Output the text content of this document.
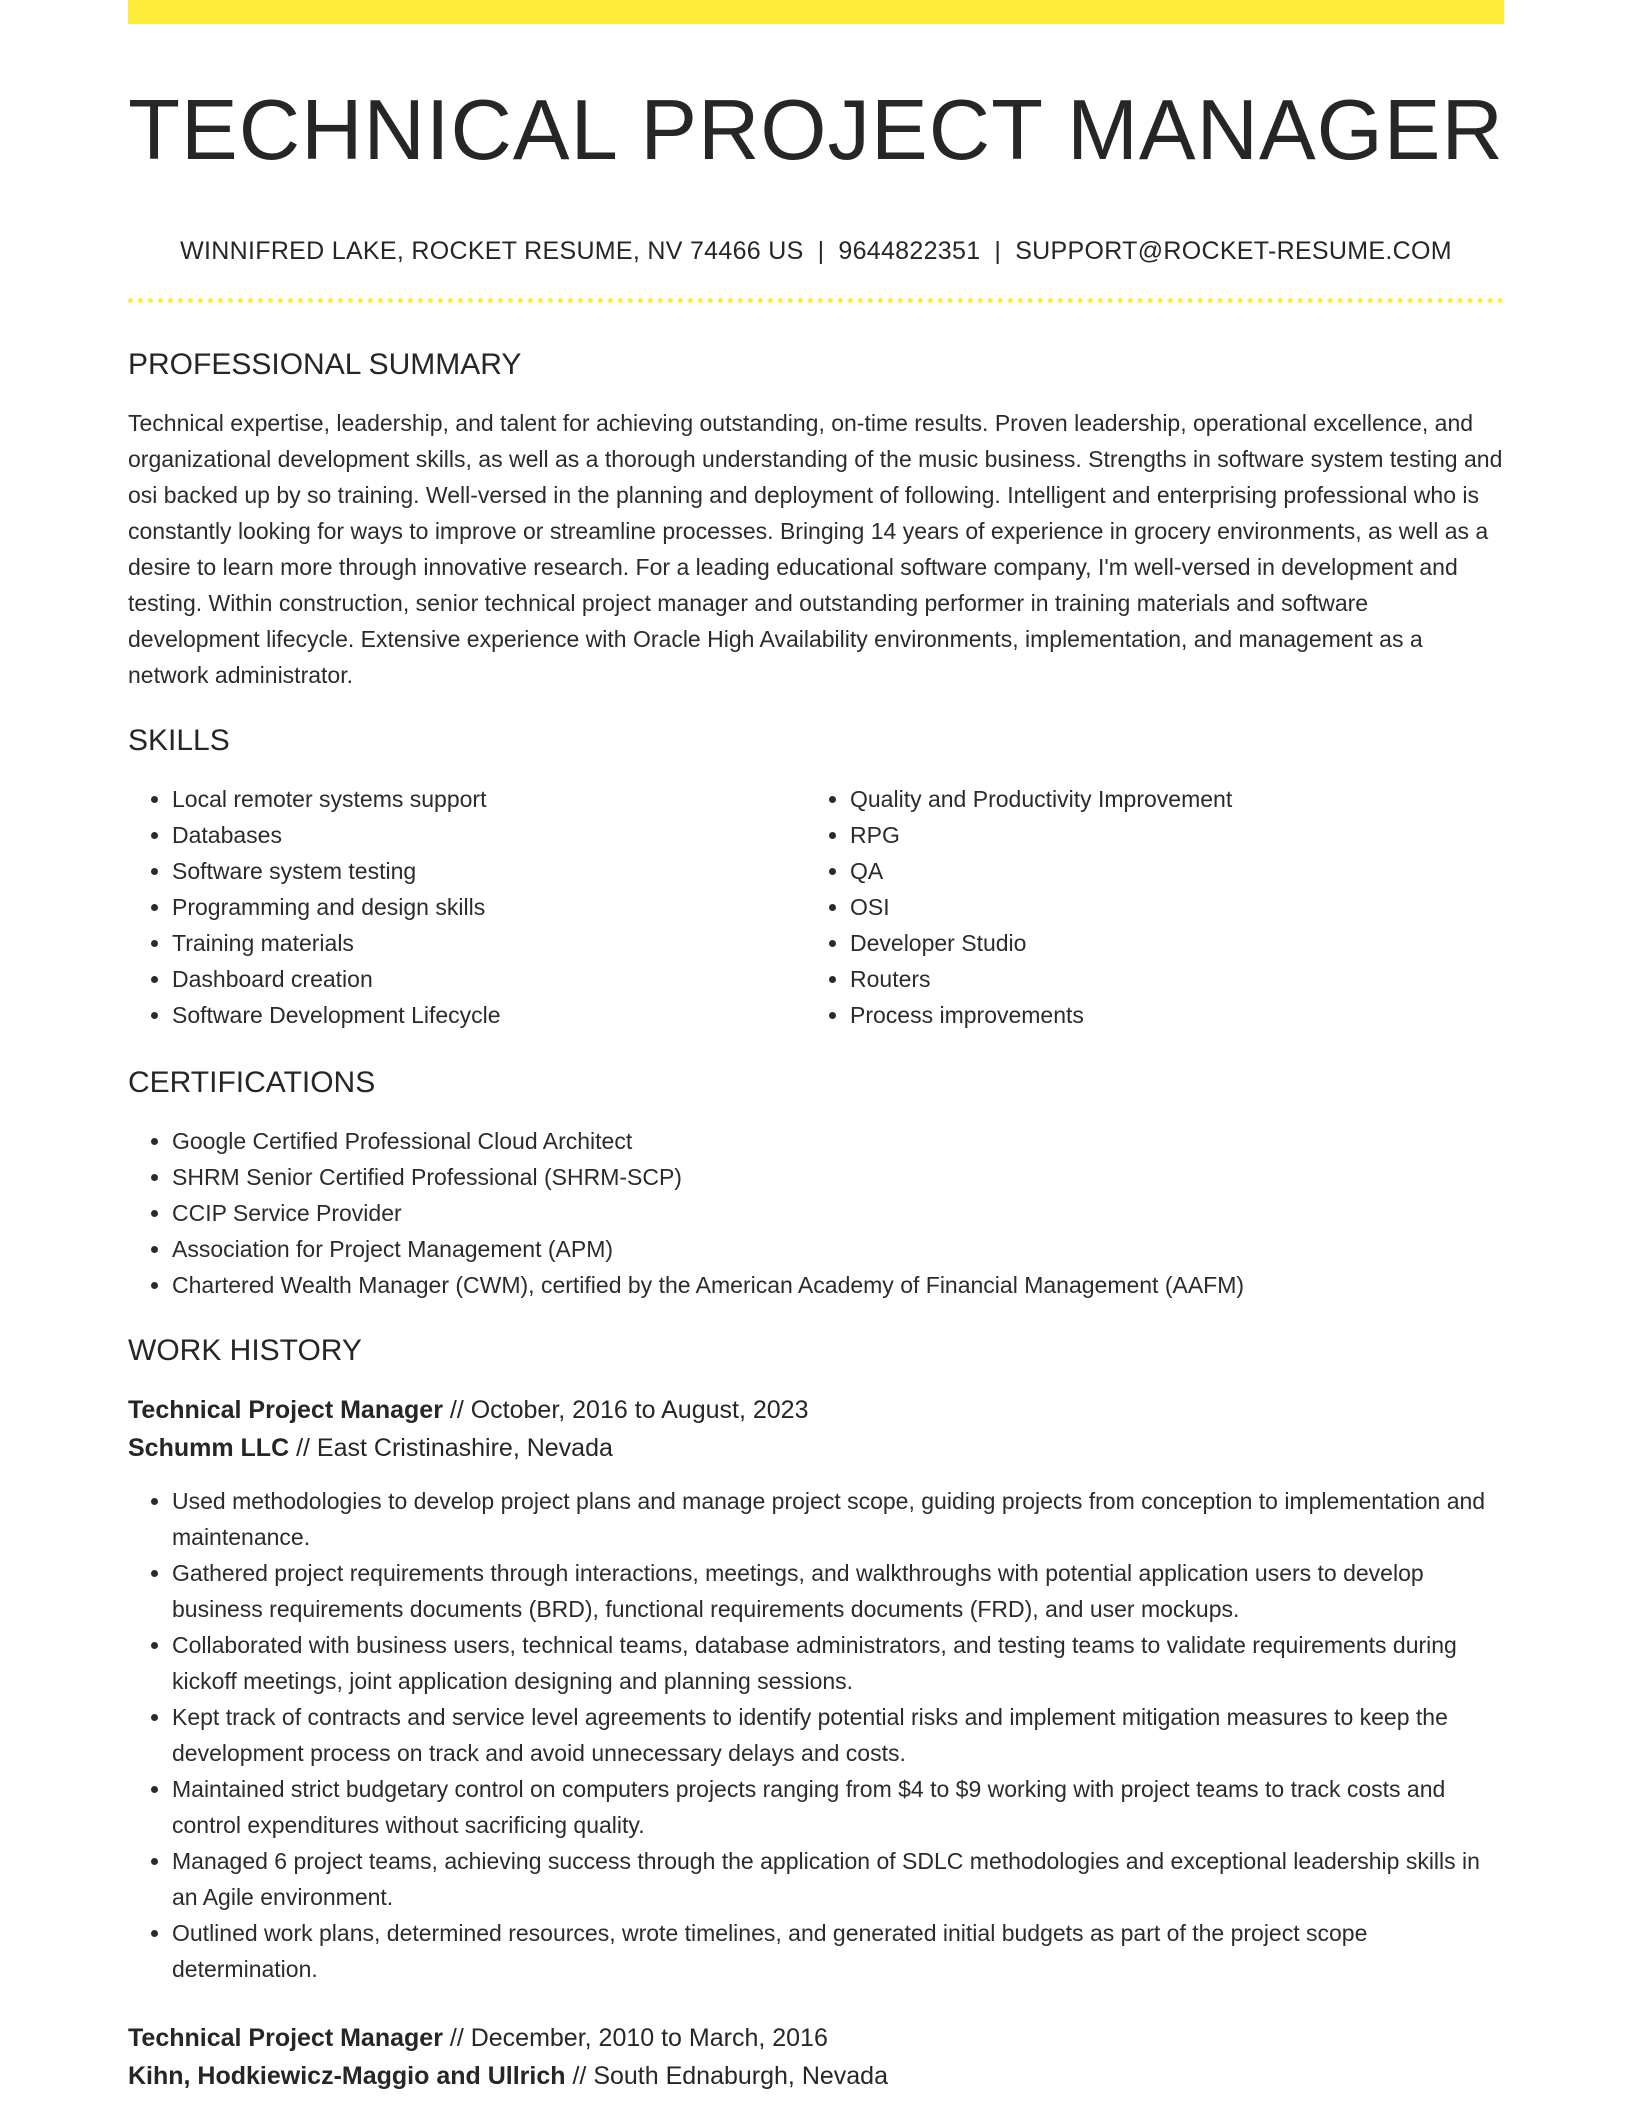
TECHNICAL PROJECT MANAGER
WINNIFRED LAKE, ROCKET RESUME, NV 74466 US | 9644822351 | SUPPORT@ROCKET-RESUME.COM
PROFESSIONAL SUMMARY

Technical expertise, leadership, and talent for achieving outstanding, on-time results. Proven leadership, operational excellence, and organizational development skills, as well as a thorough understanding of the music business. Strengths in software system testing and osi backed up by so training. Well-versed in the planning and deployment of following. Intelligent and enterprising professional who is constantly looking for ways to improve or streamline processes. Bringing 14 years of experience in grocery environments, as well as a desire to learn more through innovative research. For a leading educational software company, I'm well-versed in development and testing. Within construction, senior technical project manager and outstanding performer in training materials and software development lifecycle. Extensive experience with Oracle High Availability environments, implementation, and management as a network administrator.

SKILLS
• Local remoter systems support
• Databases
• Software system testing
• Programming and design skills
• Training materials
• Dashboard creation
• Software Development Lifecycle
• Quality and Productivity Improvement
• RPG
• QA
• OSI
• Developer Studio
• Routers
• Process improvements
CERTIFICATIONS
• Google Certified Professional Cloud Architect
• SHRM Senior Certified Professional (SHRM-SCP)
• CCIP Service Provider
• Association for Project Management (APM)
• Chartered Wealth Manager (CWM), certified by the American Academy of Financial Management (AAFM)
WORK HISTORY
Technical Project Manager // October, 2016 to August, 2023
Schumm LLC // East Cristinashire, Nevada
• Used methodologies to develop project plans and manage project scope, guiding projects from conception to implementation and maintenance.
• Gathered project requirements through interactions, meetings, and walkthroughs with potential application users to develop business requirements documents (BRD), functional requirements documents (FRD), and user mockups.
• Collaborated with business users, technical teams, database administrators, and testing teams to validate requirements during kickoff meetings, joint application designing and planning sessions.
• Kept track of contracts and service level agreements to identify potential risks and implement mitigation measures to keep the development process on track and avoid unnecessary delays and costs.
• Maintained strict budgetary control on computers projects ranging from $4 to $9 working with project teams to track costs and control expenditures without sacrificing quality.
• Managed 6 project teams, achieving success through the application of SDLC methodologies and exceptional leadership skills in an Agile environment.
• Outlined work plans, determined resources, wrote timelines, and generated initial budgets as part of the project scope determination.
Technical Project Manager // December, 2010 to March, 2016
Kihn, Hodkiewicz-Maggio and Ullrich // South Ednaburgh, Nevada
